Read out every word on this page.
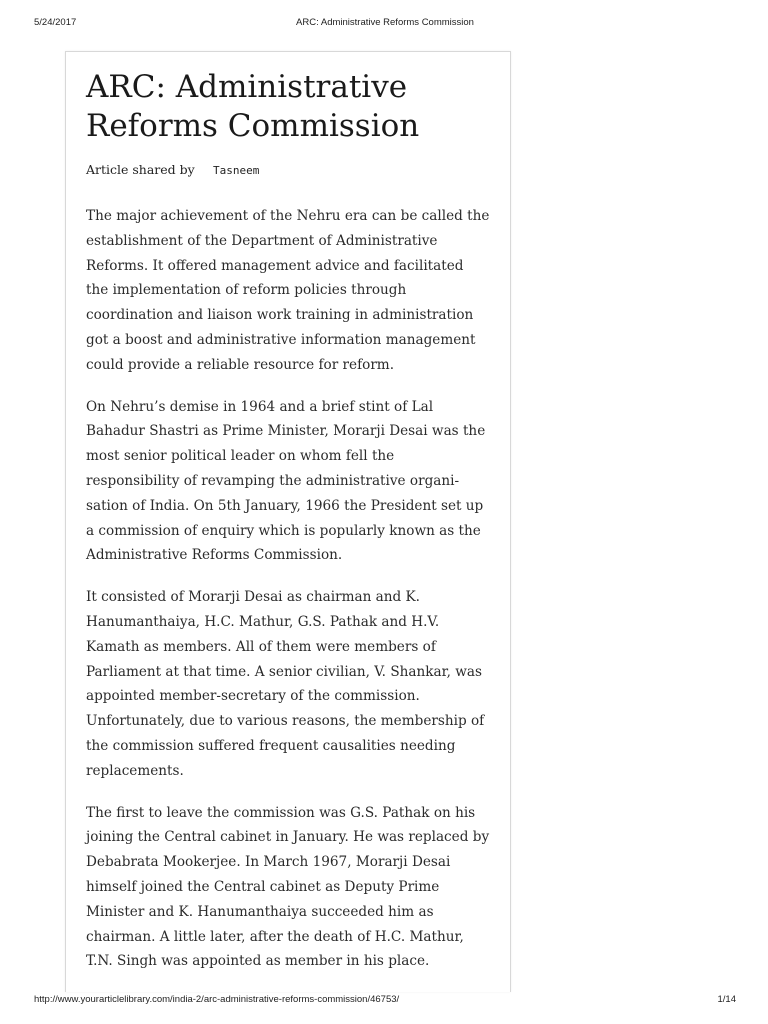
5/24/2017	ARC: Administrative Reforms Commission
ARC: Administrative Reforms Commission
Article shared by Tasneem

The major achievement of the Nehru era can be called the establishment of the Department of Administrative Reforms. It offered management advice and facilitated the implementation of reform policies through coordination and liaison work training in administration got a boost and administrative information management could provide a reliable resource for reform.

On Nehru’s demise in 1964 and a brief stint of Lal Bahadur Shastri as Prime Minister, Morarji Desai was the most senior political leader on whom fell the responsibility of revamping the administrative organi-sation of India. On 5th January, 1966 the President set up a commission of enquiry which is popularly known as the Administrative Reforms Commission.

It consisted of Morarji Desai as chairman and K. Hanumanthaiya, H.C. Mathur, G.S. Pathak and H.V. Kamath as members. All of them were members of Parliament at that time. A senior civilian, V. Shankar, was appointed member-secretary of the commission. Unfortunately, due to various reasons, the membership of the commission suffered frequent causalities needing replacements.

The first to leave the commission was G.S. Pathak on his joining the Central cabinet in January. He was replaced by Debabrata Mookerjee. In March 1967, Morarji Desai himself joined the Central cabinet as Deputy Prime Minister and K. Hanumanthaiya succeeded him as chairman. A little later, after the death of H.C. Mathur, T.N. Singh was appointed as member in his place.

http://www.yourarticlelibrary.com/india-2/arc-administrative-reforms-commission/46753/	1/14
